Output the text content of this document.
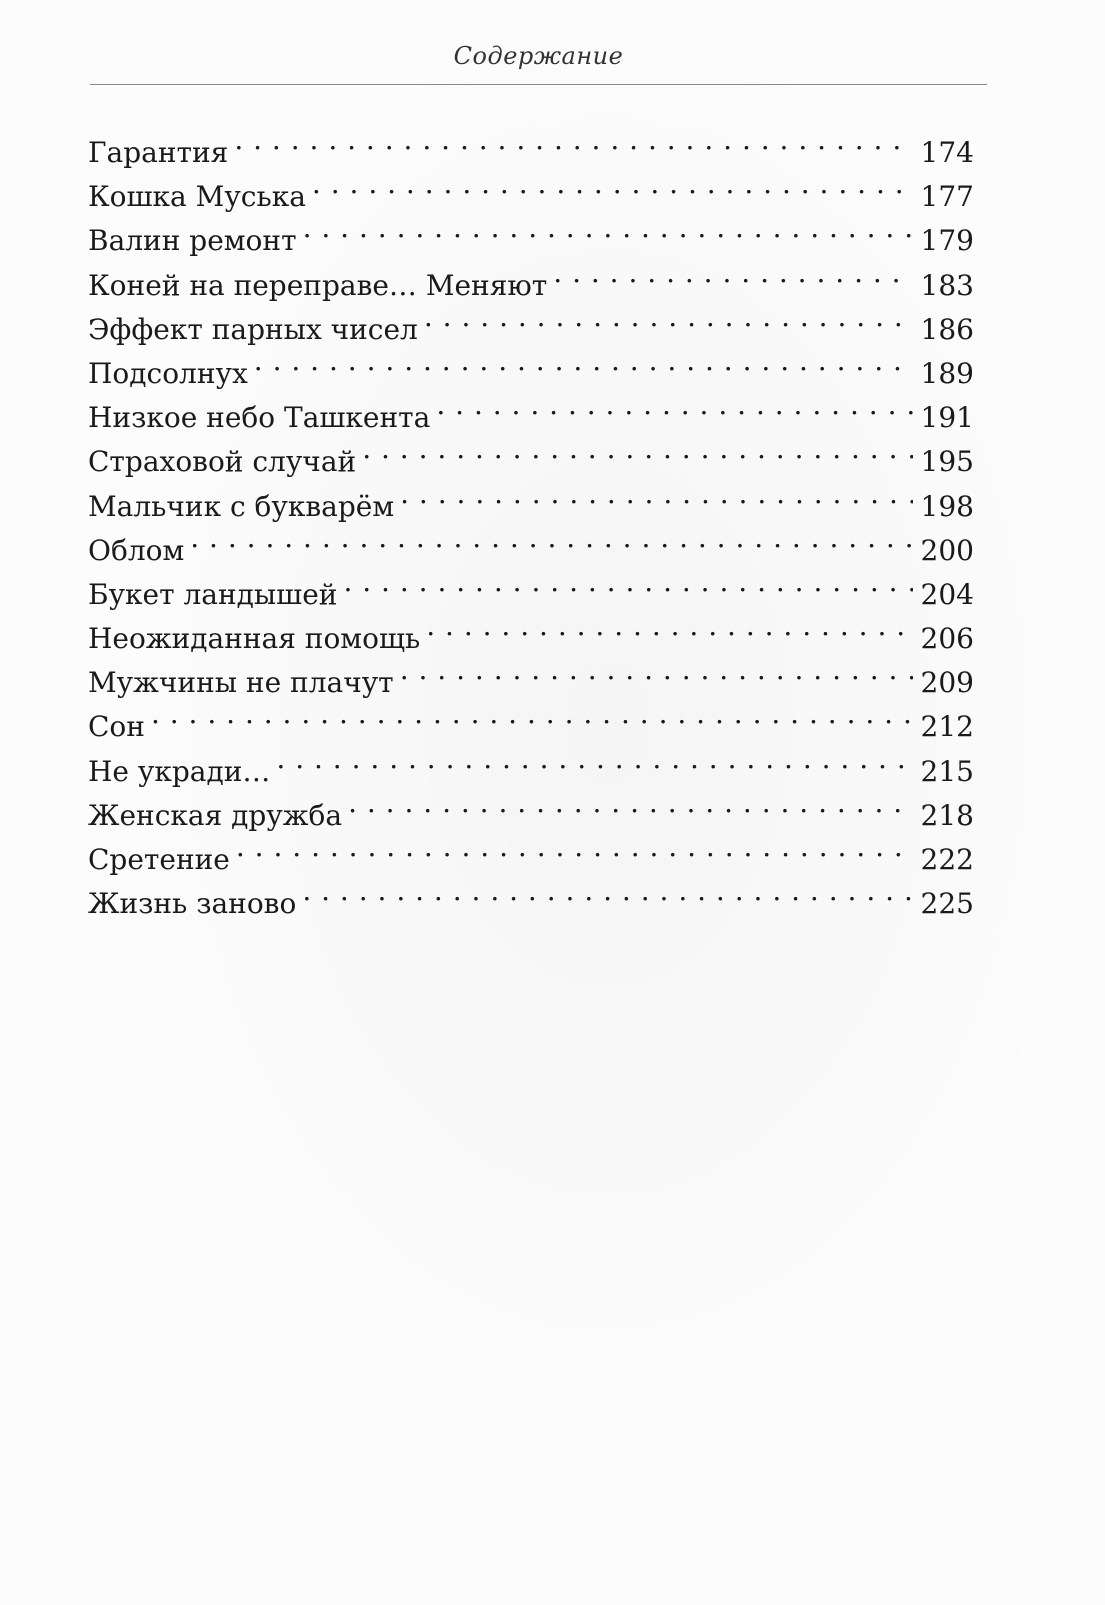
Содержание
Гарантия . . .	174
Кошка Муська . . .	177
Валин ремонт . . .	179
Коней на переправе… Меняют . . .	183
Эффект парных чисел . . .	186
Подсолнух . . .	189
Низкое небо Ташкента . . .	191
Страховой случай . . .	195
Мальчик с букварём . . .	198
Облом . . .	200
Букет ландышей . . .	204
Неожиданная помощь . . .	206
Мужчины не плачут . . .	209
Сон . . .	212
Не укради… . . .	215
Женская дружба . . .	218
Сретение . . .	222
Жизнь заново . . .	225
